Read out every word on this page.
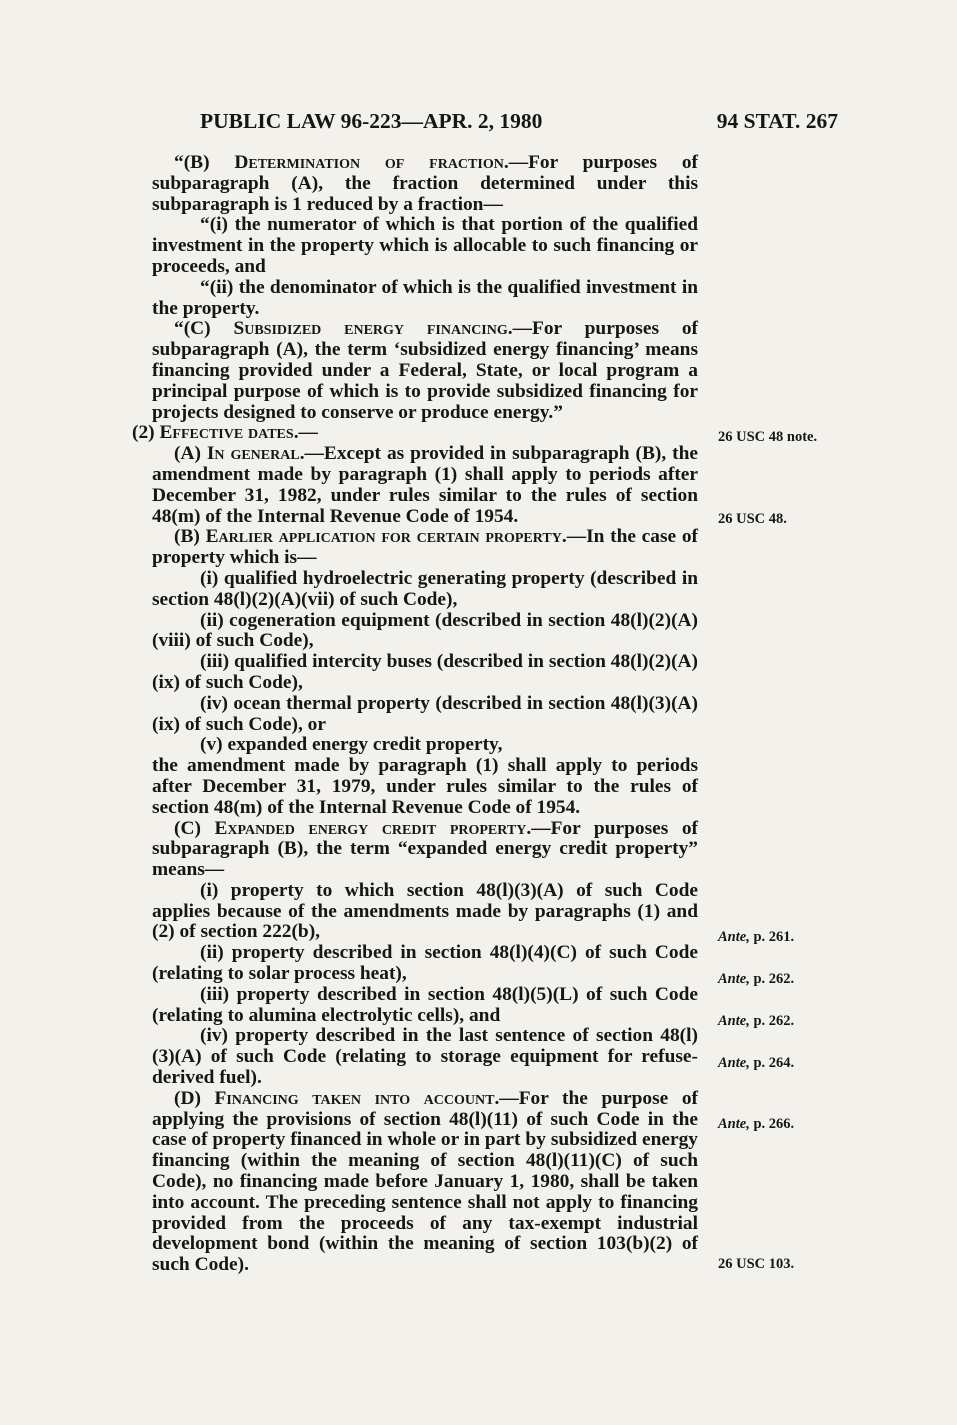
PUBLIC LAW 96-223—APR. 2, 1980	94 STAT. 267

“(B) Determination of fraction.—For purposes of subparagraph (A), the fraction determined under this subparagraph is 1 reduced by a fraction—

“(i) the numerator of which is that portion of the qualified investment in the property which is allocable to such financing or proceeds, and

“(ii) the denominator of which is the qualified investment in the property.

“(C) Subsidized energy financing.—For purposes of subparagraph (A), the term ‘subsidized energy financing’ means financing provided under a Federal, State, or local program a principal purpose of which is to provide subsidized financing for projects designed to conserve or produce energy.”

(2) Effective dates.—

(A) In general.—Except as provided in subparagraph (B), the amendment made by paragraph (1) shall apply to periods after December 31, 1982, under rules similar to the rules of section 48(m) of the Internal Revenue Code of 1954.

(B) Earlier application for certain property.—In the case of property which is—

(i) qualified hydroelectric generating property (described in section 48(l)(2)(A)(vii) of such Code),

(ii) cogeneration equipment (described in section 48(l)(2)(A)(viii) of such Code),

(iii) qualified intercity buses (described in section 48(l)(2)(A)(ix) of such Code),

(iv) ocean thermal property (described in section 48(l)(3)(A)(ix) of such Code), or

(v) expanded energy credit property,

the amendment made by paragraph (1) shall apply to periods after December 31, 1979, under rules similar to the rules of section 48(m) of the Internal Revenue Code of 1954.

(C) Expanded energy credit property.—For purposes of subparagraph (B), the term “expanded energy credit property” means—

(i) property to which section 48(l)(3)(A) of such Code applies because of the amendments made by paragraphs (1) and (2) of section 222(b),

(ii) property described in section 48(l)(4)(C) of such Code (relating to solar process heat),

(iii) property described in section 48(l)(5)(L) of such Code (relating to alumina electrolytic cells), and

(iv) property described in the last sentence of section 48(l)(3)(A) of such Code (relating to storage equipment for refuse-derived fuel).

(D) Financing taken into account.—For the purpose of applying the provisions of section 48(l)(11) of such Code in the case of property financed in whole or in part by subsidized energy financing (within the meaning of section 48(l)(11)(C) of such Code), no financing made before January 1, 1980, shall be taken into account. The preceding sentence shall not apply to financing provided from the proceeds of any tax-exempt industrial development bond (within the meaning of section 103(b)(2) of such Code).

26 USC 48 note.
26 USC 48.
Ante, p. 261.
Ante, p. 262.
Ante, p. 262.
Ante, p. 264.
Ante, p. 266.
26 USC 103.
